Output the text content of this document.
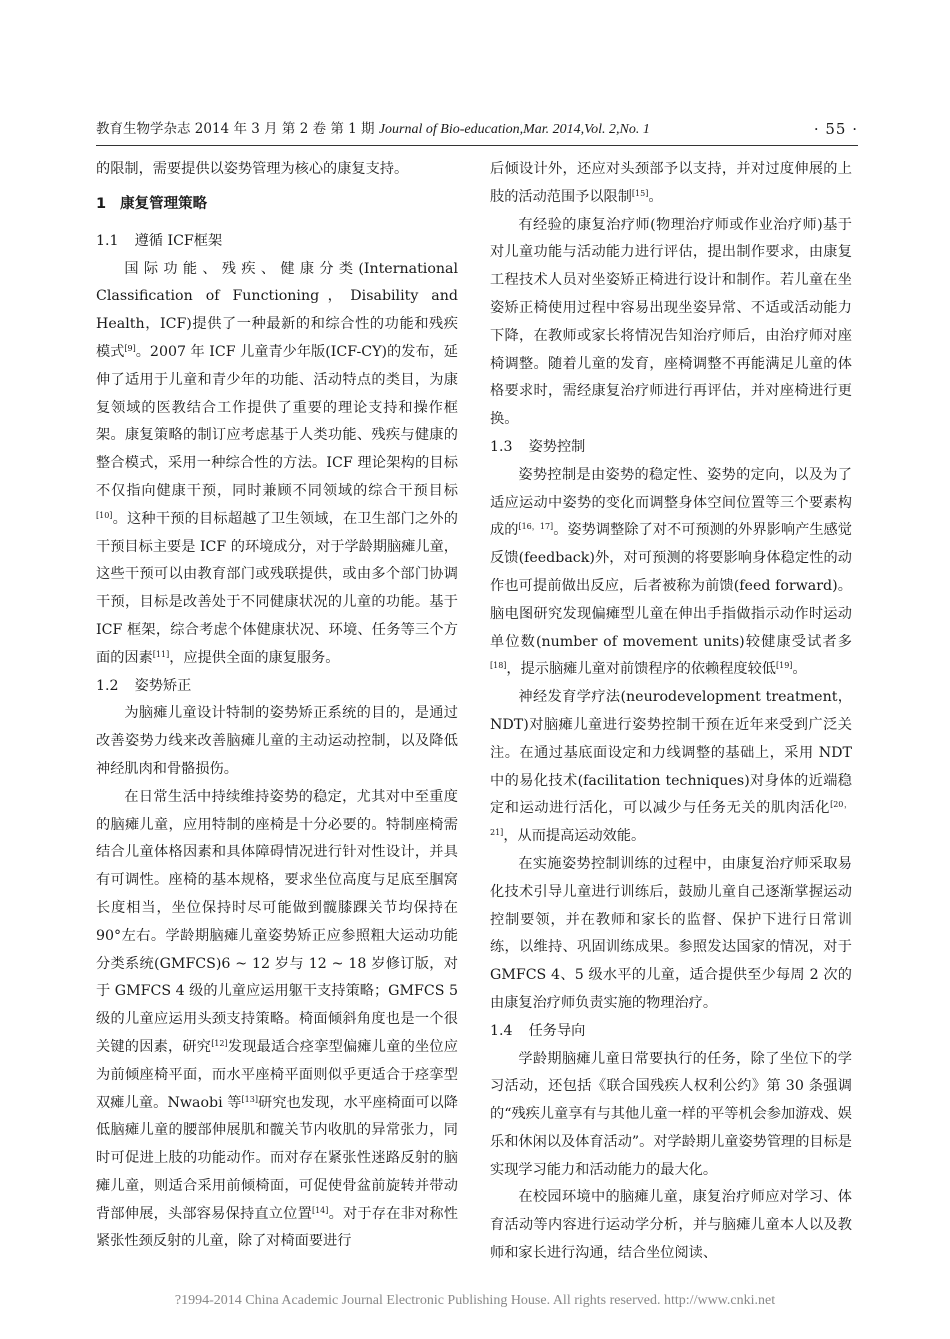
教育生物学杂志 2014 年 3 月 第 2 卷 第 1 期 Journal of Bio-education,Mar. 2014,Vol. 2,No. 1	· 55 ·

的限制，需要提供以姿势管理为核心的康复支持。

1 康复管理策略
1.1 遵循 ICF框架

国际功能、残疾、健康分类(International Classification of Functioning，Disability and Health，ICF)提供了一种最新的和综合性的功能和残疾模式[9]。2007 年 ICF 儿童青少年版(ICF-CY)的发布，延伸了适用于儿童和青少年的功能、活动特点的类目，为康复领域的医教结合工作提供了重要的理论支持和操作框架。康复策略的制订应考虑基于人类功能、残疾与健康的整合模式，采用一种综合性的方法。ICF 理论架构的目标不仅指向健康干预，同时兼顾不同领域的综合干预目标[10]。这种干预的目标超越了卫生领域，在卫生部门之外的干预目标主要是 ICF 的环境成分，对于学龄期脑瘫儿童，这些干预可以由教育部门或残联提供，或由多个部门协调干预，目标是改善处于不同健康状况的儿童的功能。基于 ICF 框架，综合考虑个体健康状况、环境、任务等三个方面的因素[11]，应提供全面的康复服务。

1.2 姿势矫正

为脑瘫儿童设计特制的姿势矫正系统的目的，是通过改善姿势力线来改善脑瘫儿童的主动运动控制，以及降低神经肌肉和骨骼损伤。

在日常生活中持续维持姿势的稳定，尤其对中至重度的脑瘫儿童，应用特制的座椅是十分必要的。特制座椅需结合儿童体格因素和具体障碍情况进行针对性设计，并具有可调性。座椅的基本规格，要求坐位高度与足底至腘窝长度相当，坐位保持时尽可能做到髋膝踝关节均保持在 90°左右。学龄期脑瘫儿童姿势矫正应参照粗大运动功能分类系统(GMFCS)6 ~ 12 岁与 12 ~ 18 岁修订版，对于 GMFCS 4 级的儿童应运用躯干支持策略；GMFCS 5 级的儿童应运用头颈支持策略。椅面倾斜角度也是一个很关键的因素，研究[12]发现最适合痉挛型偏瘫儿童的坐位应为前倾座椅平面，而水平座椅平面则似乎更适合于痉挛型双瘫儿童。Nwaobi 等[13]研究也发现，水平座椅面可以降低脑瘫儿童的腰部伸展肌和髋关节内收肌的异常张力，同时可促进上肢的功能动作。而对存在紧张性迷路反射的脑瘫儿童，则适合采用前倾椅面，可促使骨盆前旋转并带动背部伸展，头部容易保持直立位置[14]。对于存在非对称性紧张性颈反射的儿童，除了对椅面要进行

后倾设计外，还应对头颈部予以支持，并对过度伸展的上肢的活动范围予以限制[15]。

有经验的康复治疗师(物理治疗师或作业治疗师)基于对儿童功能与活动能力进行评估，提出制作要求，由康复工程技术人员对坐姿矫正椅进行设计和制作。若儿童在坐姿矫正椅使用过程中容易出现坐姿异常、不适或活动能力下降，在教师或家长将情况告知治疗师后，由治疗师对座椅调整。随着儿童的发育，座椅调整不再能满足儿童的体格要求时，需经康复治疗师进行再评估，并对座椅进行更换。

1.3 姿势控制

姿势控制是由姿势的稳定性、姿势的定向，以及为了适应运动中姿势的变化而调整身体空间位置等三个要素构成的[16，17]。姿势调整除了对不可预测的外界影响产生感觉反馈(feedback)外，对可预测的将要影响身体稳定性的动作也可提前做出反应，后者被称为前馈(feed forward)。脑电图研究发现偏瘫型儿童在伸出手指做指示动作时运动单位数(number of movement units)较健康受试者多[18]，提示脑瘫儿童对前馈程序的依赖程度较低[19]。

神经发育学疗法(neurodevelopment treatment，NDT)对脑瘫儿童进行姿势控制干预在近年来受到广泛关注。在通过基底面设定和力线调整的基础上，采用 NDT 中的易化技术(facilitation techniques)对身体的近端稳定和运动进行活化，可以减少与任务无关的肌肉活化[20，21]，从而提高运动效能。

在实施姿势控制训练的过程中，由康复治疗师采取易化技术引导儿童进行训练后，鼓励儿童自己逐渐掌握运动控制要领，并在教师和家长的监督、保护下进行日常训练，以维持、巩固训练成果。参照发达国家的情况，对于 GMFCS 4、5 级水平的儿童，适合提供至少每周 2 次的由康复治疗师负责实施的物理治疗。

1.4 任务导向

学龄期脑瘫儿童日常要执行的任务，除了坐位下的学习活动，还包括《联合国残疾人权利公约》第 30 条强调的“残疾儿童享有与其他儿童一样的平等机会参加游戏、娱乐和休闲以及体育活动”。对学龄期儿童姿势管理的目标是实现学习能力和活动能力的最大化。

在校园环境中的脑瘫儿童，康复治疗师应对学习、体育活动等内容进行运动学分析，并与脑瘫儿童本人以及教师和家长进行沟通，结合坐位阅读、

?1994-2014 China Academic Journal Electronic Publishing House. All rights reserved. http://www.cnki.net
